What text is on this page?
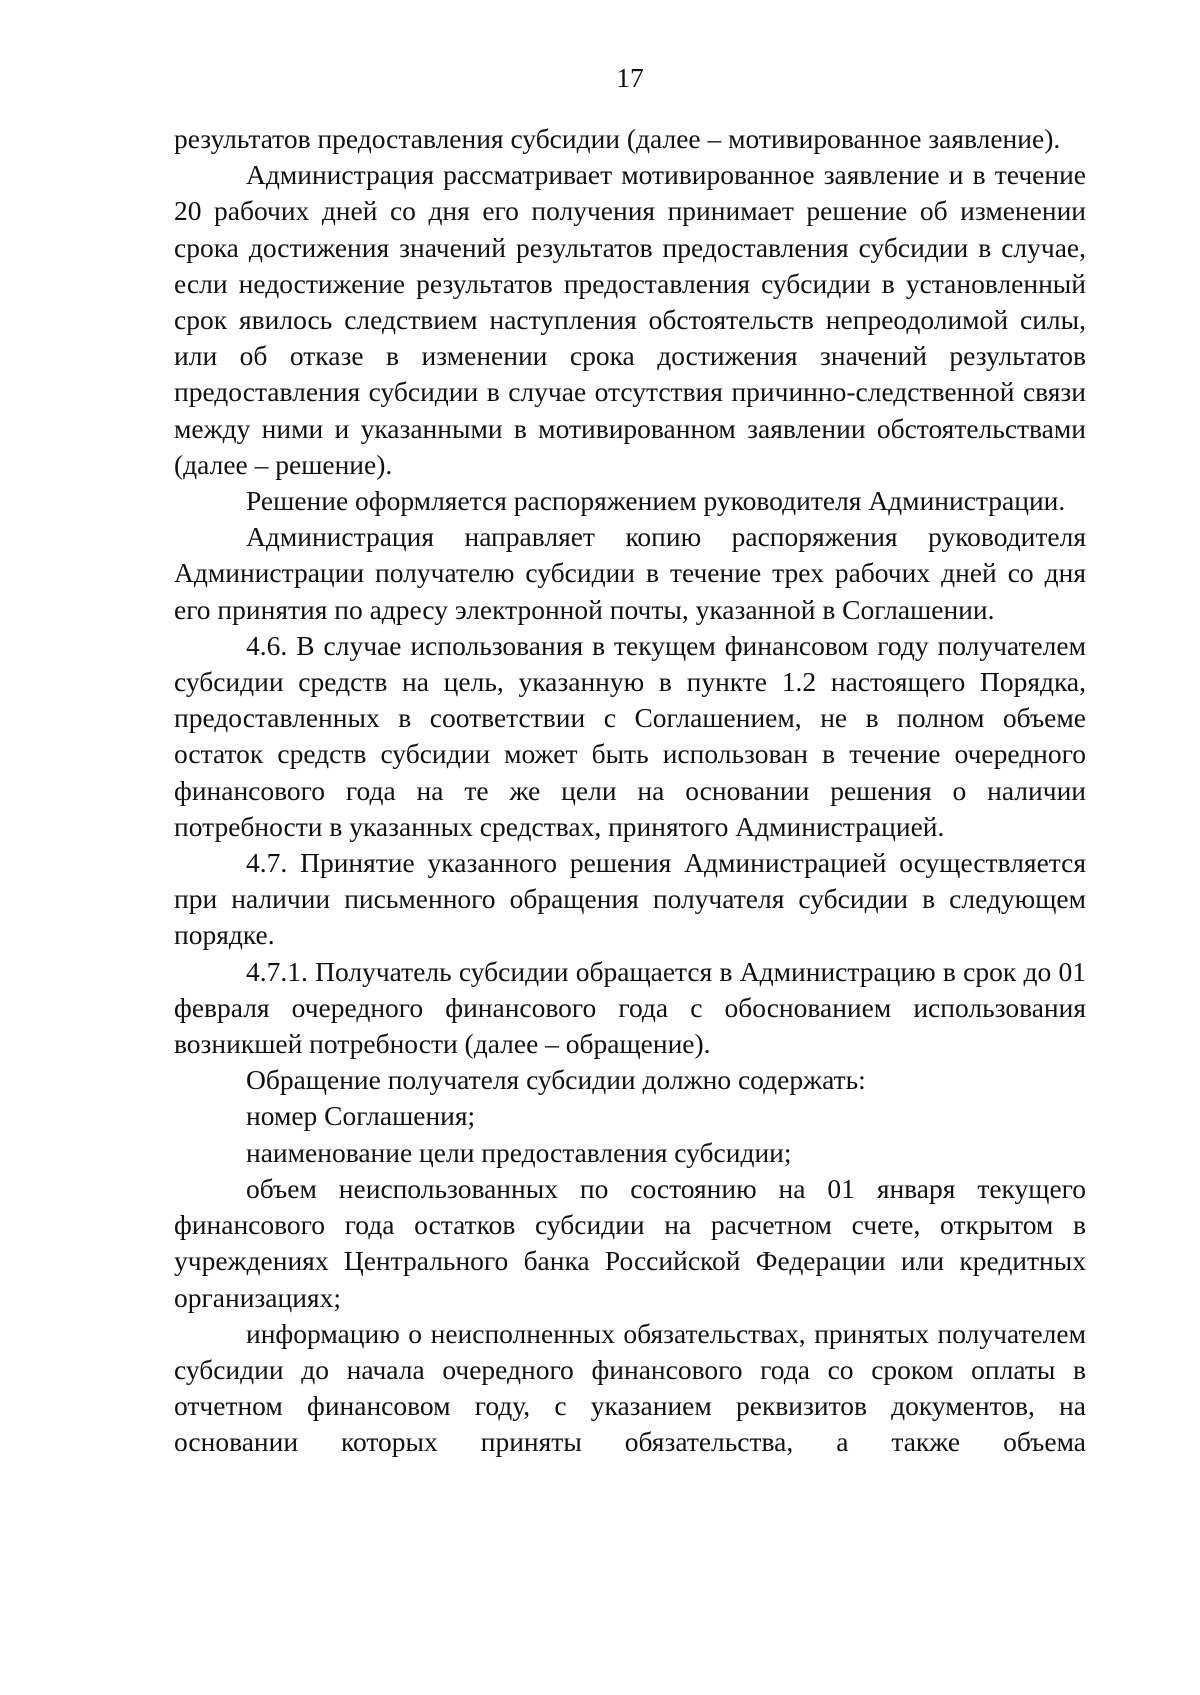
17

результатов предоставления субсидии (далее – мотивированное заявление).

Администрация рассматривает мотивированное заявление и в течение 20 рабочих дней со дня его получения принимает решение об изменении срока достижения значений результатов предоставления субсидии в случае, если недостижение результатов предоставления субсидии в установленный срок явилось следствием наступления обстоятельств непреодолимой силы, или об отказе в изменении срока достижения значений результатов предоставления субсидии в случае отсутствия причинно-следственной связи между ними и указанными в мотивированном заявлении обстоятельствами (далее – решение).

Решение оформляется распоряжением руководителя Администрации.

Администрация направляет копию распоряжения руководителя Администрации получателю субсидии в течение трех рабочих дней со дня его принятия по адресу электронной почты, указанной в Соглашении.

4.6. В случае использования в текущем финансовом году получателем субсидии средств на цель, указанную в пункте 1.2 настоящего Порядка, предоставленных в соответствии с Соглашением, не в полном объеме остаток средств субсидии может быть использован в течение очередного финансового года на те же цели на основании решения о наличии потребности в указанных средствах, принятого Администрацией.

4.7. Принятие указанного решения Администрацией осуществляется при наличии письменного обращения получателя субсидии в следующем порядке.

4.7.1. Получатель субсидии обращается в Администрацию в срок до 01 февраля очередного финансового года с обоснованием использования возникшей потребности (далее – обращение).

Обращение получателя субсидии должно содержать:

номер Соглашения;

наименование цели предоставления субсидии;

объем неиспользованных по состоянию на 01 января текущего финансового года остатков субсидии на расчетном счете, открытом в учреждениях Центрального банка Российской Федерации или кредитных организациях;

информацию о неисполненных обязательствах, принятых получателем субсидии до начала очередного финансового года со сроком оплаты в отчетном финансовом году, с указанием реквизитов документов, на основании которых приняты обязательства, а также объема
